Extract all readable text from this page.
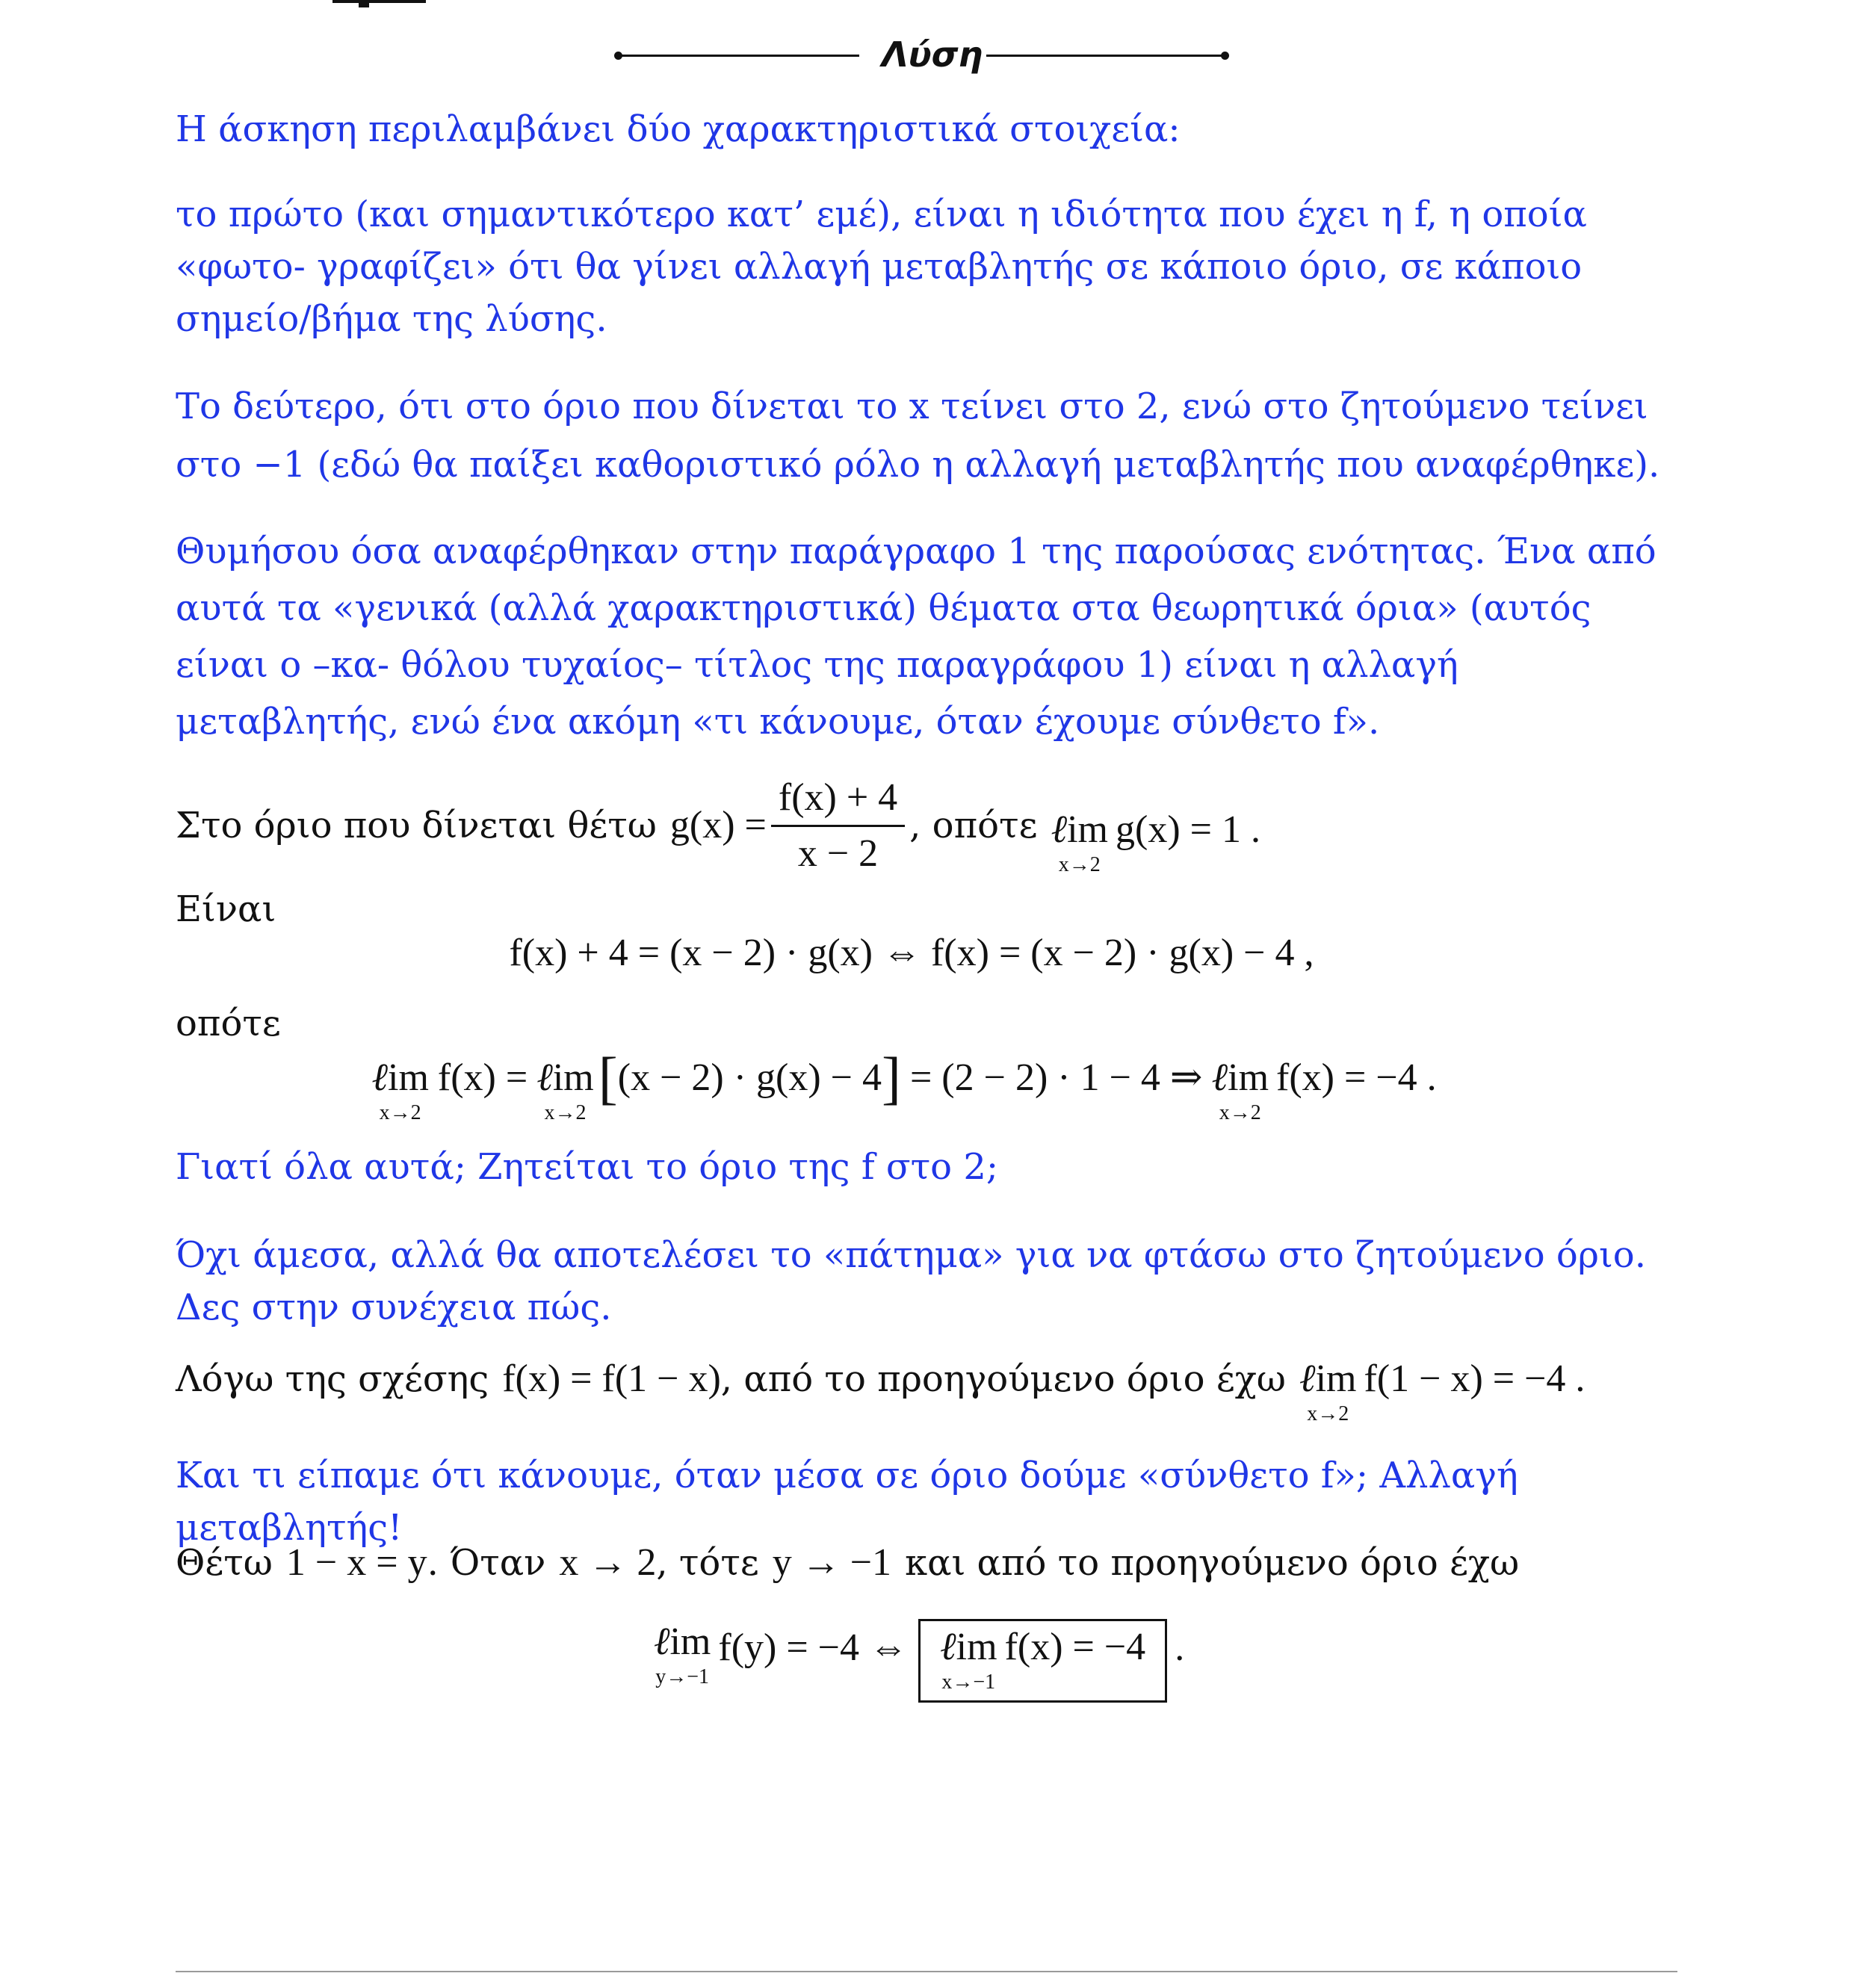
Λύση

Η άσκηση περιλαμβάνει δύο χαρακτηριστικά στοιχεία:

το πρώτο (και σημαντικότερο κατ’ εμέ), είναι η ιδιότητα που έχει η f, η οποία «φωτο- γραφίζει» ότι θα γίνει αλλαγή μεταβλητής σε κάποιο όριο, σε κάποιο σημείο/βήμα της λύσης.

Το δεύτερο, ότι στο όριο που δίνεται το x τείνει στο 2, ενώ στο ζητούμενο τείνει στο −1 (εδώ θα παίξει καθοριστικό ρόλο η αλλαγή μεταβλητής που αναφέρθηκε).

Θυμήσου όσα αναφέρθηκαν στην παράγραφο 1 της παρούσας ενότητας. Ένα από αυτά τα «γενικά (αλλά χαρακτηριστικά) θέματα στα θεωρητικά όρια» (αυτός είναι ο –κα- θόλου τυχαίος– τίτλος της παραγράφου 1) είναι η αλλαγή μεταβλητής, ενώ ένα ακόμη «τι κάνουμε, όταν έχουμε σύνθετο f».

Στο όριο που δίνεται θέτω $g(x) = \frac{f(x) + 4}{x - 2}$ , οπότε ℓim
x→2
g(x) = 1 .

Είναι

f(x) + 4 = (x − 2) · g(x) ⇔ f(x) = (x − 2) · g(x) − 4 ,

οπότε

ℓim
x→2
f(x) = ℓim
x→2
[ (x − 2) · g(x) − 4 ] = (2 − 2) · 1 − 4 ⇒ ℓim
x→2
f(x) = −4 .

Γιατί όλα αυτά; Ζητείται το όριο της f στο 2;

Όχι άμεσα, αλλά θα αποτελέσει το «πάτημα» για να φτάσω στο ζητούμενο όριο. Δες στην συνέχεια πώς.

Λόγω της σχέσης f(x) = f(1 − x) , από το προηγούμενο όριο έχω ℓim
x→2
f(1 − x) = −4 .

Και τι είπαμε ότι κάνουμε, όταν μέσα σε όριο δούμε «σύνθετο f»; Αλλαγή μεταβλητής!

Θέτω 1 − x = y . Όταν x → 2 , τότε y → −1 και από το προηγούμενο όριο έχω
ℓim
y→−1
f(y) = −4 ⇔ ℓim
x→−1
f(x) = −4 .
